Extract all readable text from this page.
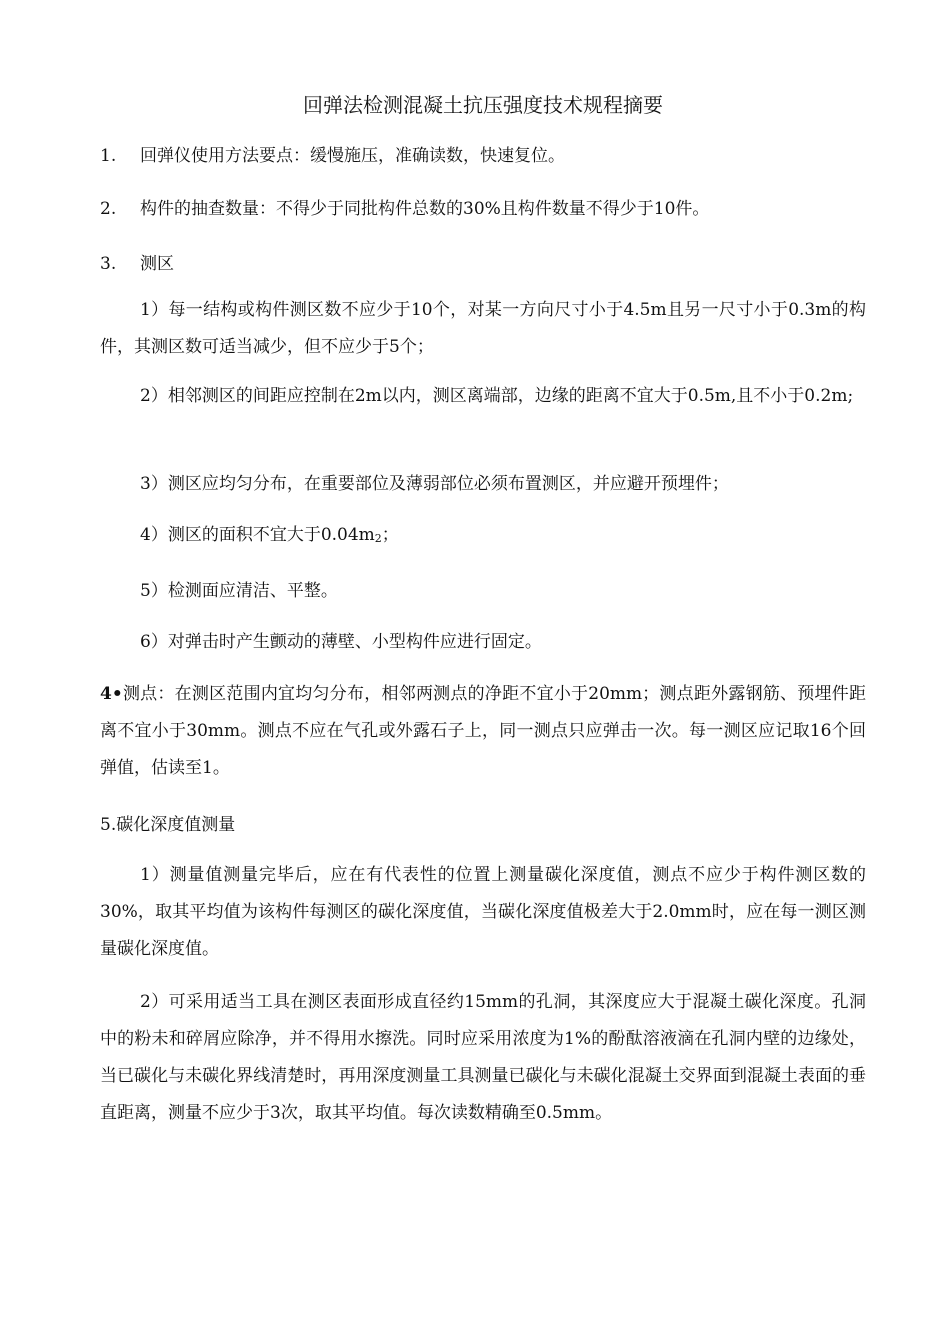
回弹法检测混凝土抗压强度技术规程摘要
1. 回弹仪使用方法要点：缓慢施压，准确读数，快速复位。
2. 构件的抽查数量：不得少于同批构件总数的30%且构件数量不得少于10件。
3. 测区
1）每一结构或构件测区数不应少于10个，对某一方向尺寸小于4.5m且另一尺寸小于0.3m的构件，其测区数可适当减少，但不应少于5个；
2）相邻测区的间距应控制在2m以内，测区离端部，边缘的距离不宜大于0.5m,且不小于0.2m;
3）测区应均匀分布，在重要部位及薄弱部位必须布置测区，并应避开预埋件；
4）测区的面积不宜大于$0.04m_2$；
5）检测面应清洁、平整。
6）对弹击时产生颤动的薄壁、小型构件应进行固定。
4•测点：在测区范围内宜均匀分布，相邻两测点的净距不宜小于20mm；测点距外露钢筋、预埋件距离不宜小于30mm。测点不应在气孔或外露石子上，同一测点只应弹击一次。每一测区应记取16个回弹值，估读至1。
5.碳化深度值测量
1）测量值测量完毕后，应在有代表性的位置上测量碳化深度值，测点不应少于构件测区数的30%，取其平均值为该构件每测区的碳化深度值，当碳化深度值极差大于2.0mm时，应在每一测区测量碳化深度值。
2）可采用适当工具在测区表面形成直径约15mm的孔洞，其深度应大于混凝土碳化深度。孔洞中的粉未和碎屑应除净，并不得用水擦洗。同时应采用浓度为1%的酚酞溶液滴在孔洞内壁的边缘处，当已碳化与未碳化界线清楚时，再用深度测量工具测量已碳化与未碳化混凝土交界面到混凝土表面的垂直距离，测量不应少于3次，取其平均值。每次读数精确至0.5mm。
